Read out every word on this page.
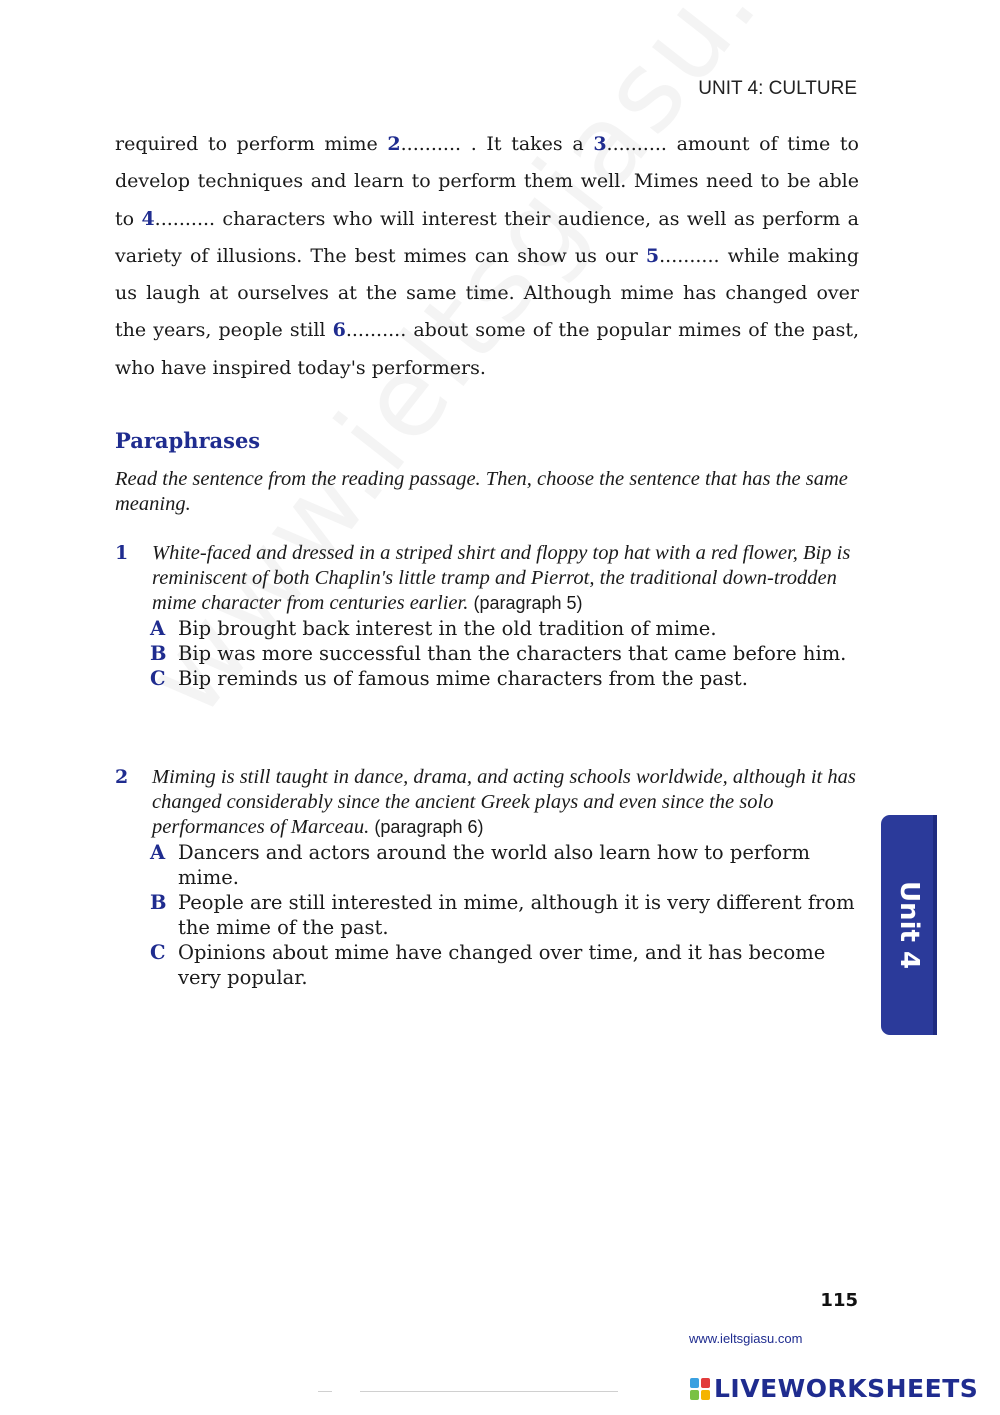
UNIT 4: CULTURE

required to perform mime 2.......... . It takes a 3.......... amount of time to develop techniques and learn to perform them well. Mimes need to be able to 4.......... characters who will interest their audience, as well as perform a variety of illusions. The best mimes can show us our 5.......... while making us laugh at ourselves at the same time. Although mime has changed over the years, people still 6.......... about some of the popular mimes of the past, who have inspired today's performers.

Paraphrases

Read the sentence from the reading passage. Then, choose the sentence that has the same meaning.

1	White-faced and dressed in a striped shirt and floppy top hat with a red flower, Bip is reminiscent of both Chaplin's little tramp and Pierrot, the traditional down-trodden mime character from centuries earlier. (paragraph 5)
A Bip brought back interest in the old tradition of mime.
B Bip was more successful than the characters that came before him.
C Bip reminds us of famous mime characters from the past.
2	Miming is still taught in dance, drama, and acting schools worldwide, although it has changed considerably since the ancient Greek plays and even since the solo performances of Marceau. (paragraph 6)
A Dancers and actors around the world also learn how to perform mime.
B People are still interested in mime, although it is very different from the mime of the past.
C Opinions about mime have changed over time, and it has become very popular.
Unit 4
115
www.ieltsgiasu.com
LIVEWORKSHEETS
